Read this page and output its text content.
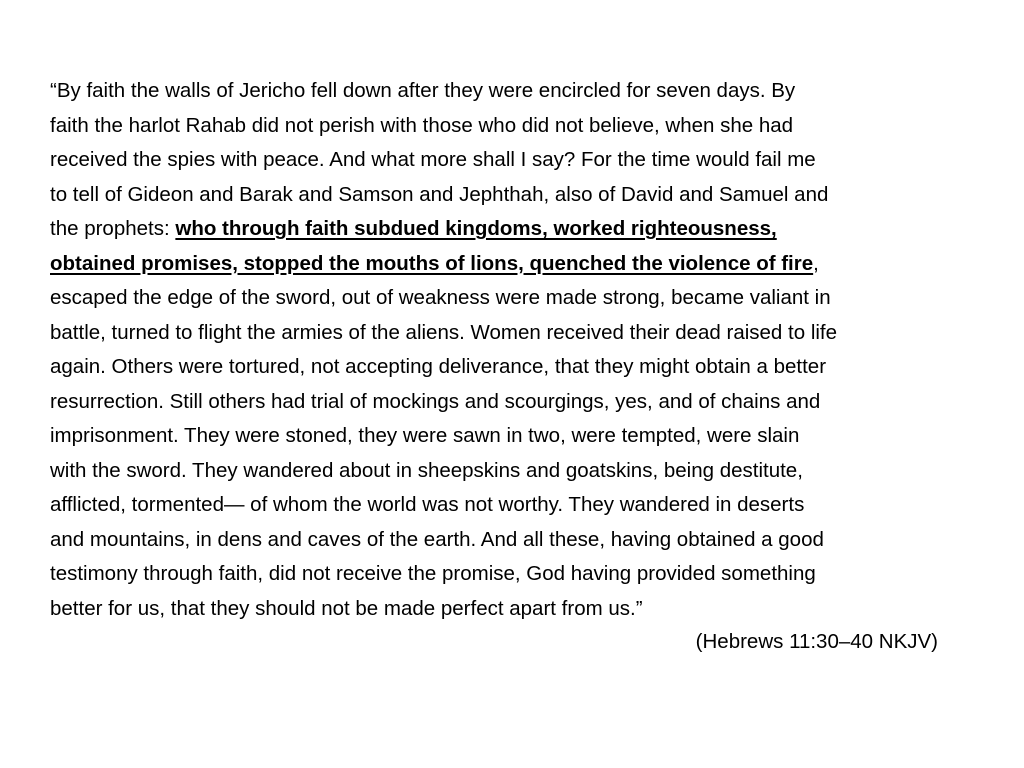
“By faith the walls of Jericho fell down after they were encircled for seven days. By
faith the harlot Rahab did not perish with those who did not believe, when she had
received the spies with peace. And what more shall I say? For the time would fail me
to tell of Gideon and Barak and Samson and Jephthah, also of David and Samuel and
the prophets: who through faith subdued kingdoms, worked righteousness,
obtained promises, stopped the mouths of lions, quenched the violence of fire,
escaped the edge of the sword, out of weakness were made strong, became valiant in
battle, turned to flight the armies of the aliens. Women received their dead raised to life
again. Others were tortured, not accepting deliverance, that they might obtain a better
resurrection. Still others had trial of mockings and scourgings, yes, and of chains and
imprisonment. They were stoned, they were sawn in two, were tempted, were slain
with the sword. They wandered about in sheepskins and goatskins, being destitute,
afflicted, tormented— of whom the world was not worthy. They wandered in deserts
and mountains, in dens and caves of the earth. And all these, having obtained a good
testimony through faith, did not receive the promise, God having provided something
better for us, that they should not be made perfect apart from us.”
(Hebrews 11:30–40 NKJV)
